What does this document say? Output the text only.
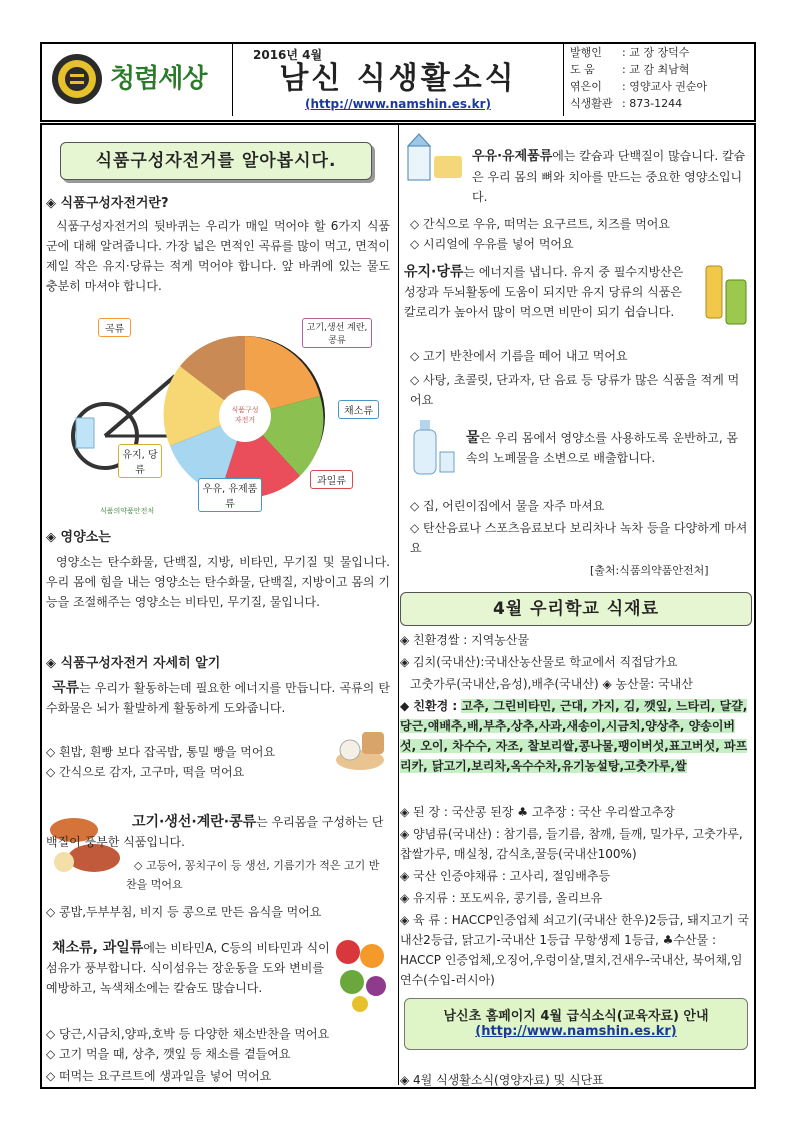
청렴세상
2016년 4월
남신 식생활소식
(http://www.namshin.es.kr)
발행인	: 교 장 장덕수
도 움	: 교 감 최남혁
엮은이	: 영양교사 권순아
식생활관 : 873-1244
식품구성자전거를 알아봅시다.
◈ 식품구성자전거란?
식품구성자전거의 뒷바퀴는 우리가 매일 먹어야 할 6가지 식품군에 대해 알려줍니다. 가장 넓은 면적인 곡류를 많이 먹고, 면적이 제일 작은 유지·당류는 적게 먹어야 합니다. 앞 바퀴에 있는 물도 충분히 마셔야 합니다.
식품구성
자전거
곡류	고기,생선 계란,콩류
채소류
과일류
우유, 유제품류
유지, 당류
식품의약품안전처
◈ 영양소는
영양소는 탄수화물, 단백질, 지방, 비타민, 무기질 및 물입니다. 우리 몸에 힘을 내는 영양소는 탄수화물, 단백질, 지방이고 몸의 기능을 조절해주는 영양소는 비타민, 무기질, 물입니다.
◈ 식품구성자전거 자세히 알기
곡류는 우리가 활동하는데 필요한 에너지를 만듭니다. 곡류의 탄수화물은 뇌가 활발하게 활동하게 도와줍니다.
◇ 흰밥, 흰빵 보다 잡곡밥, 통밀 빵을 먹어요
◇ 간식으로 감자, 고구마, 떡을 먹어요
고기·생선·계란·콩류는 우리몸을 구성하는 단백질이 풍부한 식품입니다.
◇ 고등어, 꽁치구이 등 생선, 기름기가 적은 고기 반찬을 먹어요
◇ 콩밥,두부부침, 비지 등 콩으로 만든 음식을 먹어요
채소류, 과일류에는 비타민A, C등의 비타민과 식이섬유가 풍부합니다. 식이섬유는 장운동을 도와 변비를 예방하고, 녹색채소에는 칼슘도 많습니다.
◇ 당근,시금치,양파,호박 등 다양한 채소반찬을 먹어요
◇ 고기 먹을 때, 상추, 깻잎 등 채소를 곁들여요
◇ 떠먹는 요구르트에 생과일을 넣어 먹어요
우유·유제품류에는 칼슘과 단백질이 많습니다. 칼슘은 우리 몸의 뼈와 치아를 만드는 중요한 영양소입니다.
◇ 간식으로 우유, 떠먹는 요구르트, 치즈를 먹어요
◇ 시리얼에 우유를 넣어 먹어요
유지·당류는 에너지를 냅니다. 유지 중 필수지방산은 성장과 두뇌활동에 도움이 되지만 유지 당류의 식품은 칼로리가 높아서 많이 먹으면 비만이 되기 쉽습니다.
◇ 고기 반찬에서 기름을 떼어 내고 먹어요
◇ 사탕, 초콜릿, 단과자, 단 음료 등 당류가 많은 식품을 적게 먹어요
물은 우리 몸에서 영양소를 사용하도록 운반하고, 몸 속의 노폐물을 소변으로 배출합니다.
◇ 집, 어린이집에서 물을 자주 마셔요
◇ 탄산음료나 스포츠음료보다 보리차나 녹차 등을 다양하게 마셔요
[출처:식품의약품안전처]
4월 우리학교 식재료
◈ 친환경쌀 : 지역농산물
◈ 김치(국내산):국내산농산물로 학교에서 직접담가요
고춧가루(국내산,음성),배추(국내산) ◈ 농산물: 국내산
◆ 친환경 : 고추, 그린비타민, 근대, 가지, 김, 깻잎, 느타리, 달걀,당근,얘배추,배,부추,상추,사과,새송이,시금치,양상추, 양송이버섯, 오이, 차수수, 자조, 찰보리쌀,콩나물,팽이버섯,표고버섯, 파프리카, 닭고기,보리차,옥수수차,유기농설탕,고춧가루,쌀
◈ 된 장 : 국산콩 된장 ♣ 고추장 : 국산 우리쌀고추장
◈ 양념류(국내산) : 참기름, 들기름, 참깨, 들깨, 밀가루, 고춧가루, 찹쌀가루, 매실청, 감식초,꿀등(국내산100%)
◈ 국산 인증야채류 : 고사리, 절임배추등
◈ 유지류 : 포도씨유, 콩기름, 올리브유
◈ 육 류 : HACCP인증업체 쇠고기(국내산 한우)2등급, 돼지고기 국내산2등급, 닭고기-국내산 1등급 무항생제 1등급, ♣수산물 : HACCP 인증업체,오징어,우렁이살,멸치,건새우-국내산, 북어채,임연수(수입-러시아)
남신초 홈페이지 4월 급식소식(교육자료) 안내
(http://www.namshin.es.kr)
◈ 4월 식생활소식(영양자료) 및 식단표
